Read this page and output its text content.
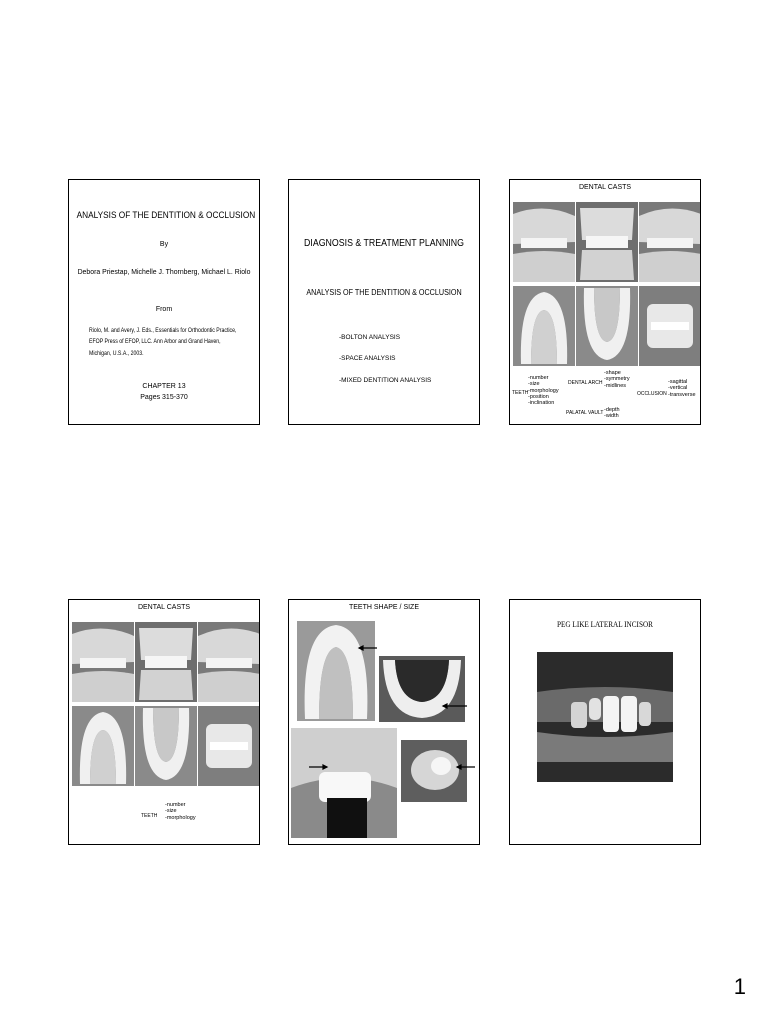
ANALYSIS OF THE DENTITION & OCCLUSION
By
Debora Priestap, Michelle J. Thornberg, Michael L. Riolo
From
Riolo, M. and Avery, J. Eds., Essentials for Orthodontic Practice,
EFOP Press of EFOP, LLC. Ann Arbor and Grand Haven,
Michigan, U.S.A., 2003.
CHAPTER 13
Pages 315-370
DIAGNOSIS & TREATMENT PLANNING
ANALYSIS OF THE DENTITION & OCCLUSION
-BOLTON ANALYSIS
-SPACE ANALYSIS
-MIXED DENTITION ANALYSIS
DENTAL CASTS
TEETH
-number
-size
-morphology
-position
-inclination
DENTAL ARCH
PALATAL VAULT
-shape
-symmetry
-midlines
-depth
-width
OCCLUSION
-sagittal
-vertical
-transverse
DENTAL CASTS
TEETH
-number
-size
-morphology
TEETH SHAPE / SIZE
PEG LIKE LATERAL INCISOR
1
